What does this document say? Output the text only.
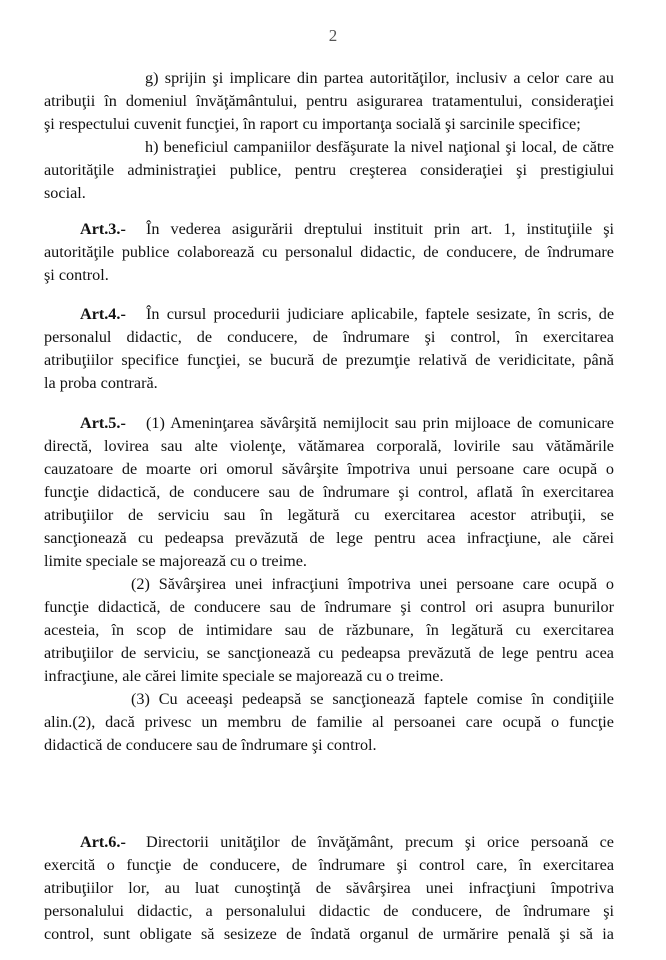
2
g) sprijin şi implicare din partea autorităţilor, inclusiv a celor care au
atribuţii în domeniul învăţământului, pentru asigurarea tratamentului, consideraţiei
şi respectului cuvenit funcţiei, în raport cu importanţa socială şi sarcinile specifice;
h) beneficiul campaniilor desfăşurate la nivel naţional şi local, de către
autorităţile administraţiei publice, pentru creşterea consideraţiei şi prestigiului
social.
Art.3.-	În vederea asigurării dreptului instituit prin art. 1, instituţiile şi
autorităţile publice colaborează cu personalul didactic, de conducere, de îndrumare
şi control.
Art.4.-	În cursul procedurii judiciare aplicabile, faptele sesizate, în scris, de
personalul didactic, de conducere, de îndrumare şi control, în exercitarea
atribuţiilor specifice funcţiei, se bucură de prezumţie relativă de veridicitate, până
la proba contrară.
Art.5.-	(1) Ameninţarea săvârşită nemijlocit sau prin mijloace de comunicare
directă, lovirea sau alte violenţe, vătămarea corporală, lovirile sau vătămările
cauzatoare de moarte ori omorul săvârşite împotriva unui persoane care ocupă o
funcţie didactică, de conducere sau de îndrumare şi control, aflată în exercitarea
atribuţiilor de serviciu sau în legătură cu exercitarea acestor atribuţii, se
sancţionează cu pedeapsa prevăzută de lege pentru acea infracţiune, ale cărei
limite speciale se majorează cu o treime.
(2) Săvârşirea unei infracţiuni împotriva unei persoane care ocupă o
funcţie didactică, de conducere sau de îndrumare şi control ori asupra bunurilor
acesteia, în scop de intimidare sau de răzbunare, în legătură cu exercitarea
atribuţiilor de serviciu, se sancţionează cu pedeapsa prevăzută de lege pentru acea
infracţiune, ale cărei limite speciale se majorează cu o treime.
(3) Cu aceeaşi pedeapsă se sancţionează faptele comise în condiţiile
alin.(2), dacă privesc un membru de familie al persoanei care ocupă o funcţie
didactică de conducere sau de îndrumare şi control.
Art.6.-	Directorii unităţilor de învăţământ, precum şi orice persoană ce
exercită o funcţie de conducere, de îndrumare şi control care, în exercitarea
atribuţiilor lor, au luat cunoştinţă de săvârşirea unei infracţiuni împotriva
personalului didactic, a personalului didactic de conducere, de îndrumare şi
control, sunt obligate să sesizeze de îndată organul de urmărire penală şi să ia
